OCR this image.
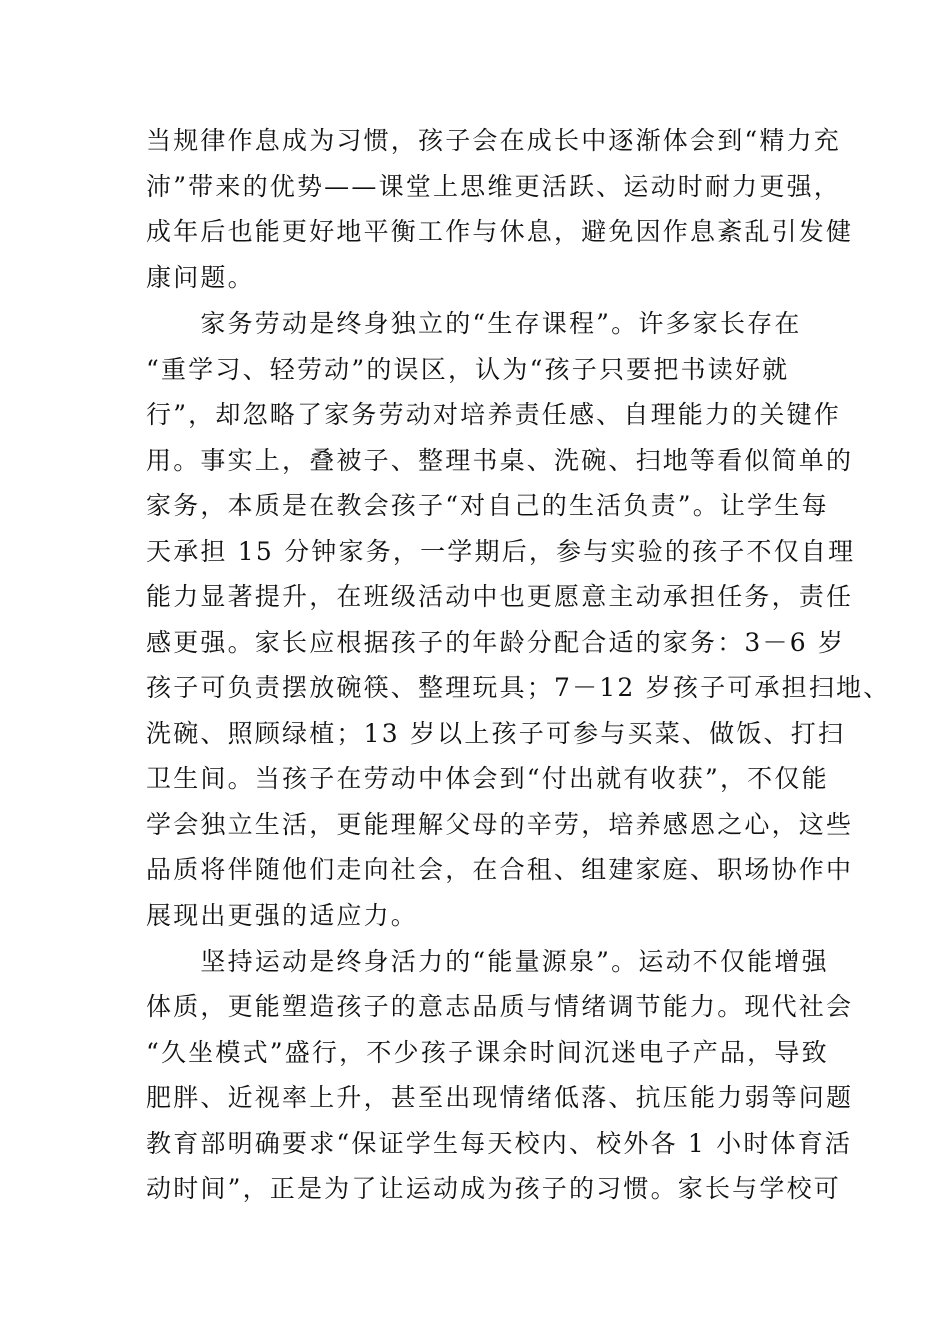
当规律作息成为习惯，孩子会在成长中逐渐体会到“精力充
沛”带来的优势——课堂上思维更活跃、运动时耐力更强，
成年后也能更好地平衡工作与休息，避免因作息紊乱引发健
康问题。
　　家务劳动是终身独立的“生存课程”。许多家长存在
“重学习、轻劳动”的误区，认为“孩子只要把书读好就
行”，却忽略了家务劳动对培养责任感、自理能力的关键作
用。事实上，叠被子、整理书桌、洗碗、扫地等看似简单的
家务，本质是在教会孩子“对自己的生活负责”。让学生每
天承担 15 分钟家务，一学期后，参与实验的孩子不仅自理
能力显著提升，在班级活动中也更愿意主动承担任务，责任
感更强。家长应根据孩子的年龄分配合适的家务：3－6 岁
孩子可负责摆放碗筷、整理玩具；7－12 岁孩子可承担扫地、
洗碗、照顾绿植；13 岁以上孩子可参与买菜、做饭、打扫
卫生间。当孩子在劳动中体会到“付出就有收获”，不仅能
学会独立生活，更能理解父母的辛劳，培养感恩之心，这些
品质将伴随他们走向社会，在合租、组建家庭、职场协作中
展现出更强的适应力。
　　坚持运动是终身活力的“能量源泉”。运动不仅能增强
体质，更能塑造孩子的意志品质与情绪调节能力。现代社会
“久坐模式”盛行，不少孩子课余时间沉迷电子产品，导致
肥胖、近视率上升，甚至出现情绪低落、抗压能力弱等问题
教育部明确要求“保证学生每天校内、校外各 1 小时体育活
动时间”，正是为了让运动成为孩子的习惯。家长与学校可
